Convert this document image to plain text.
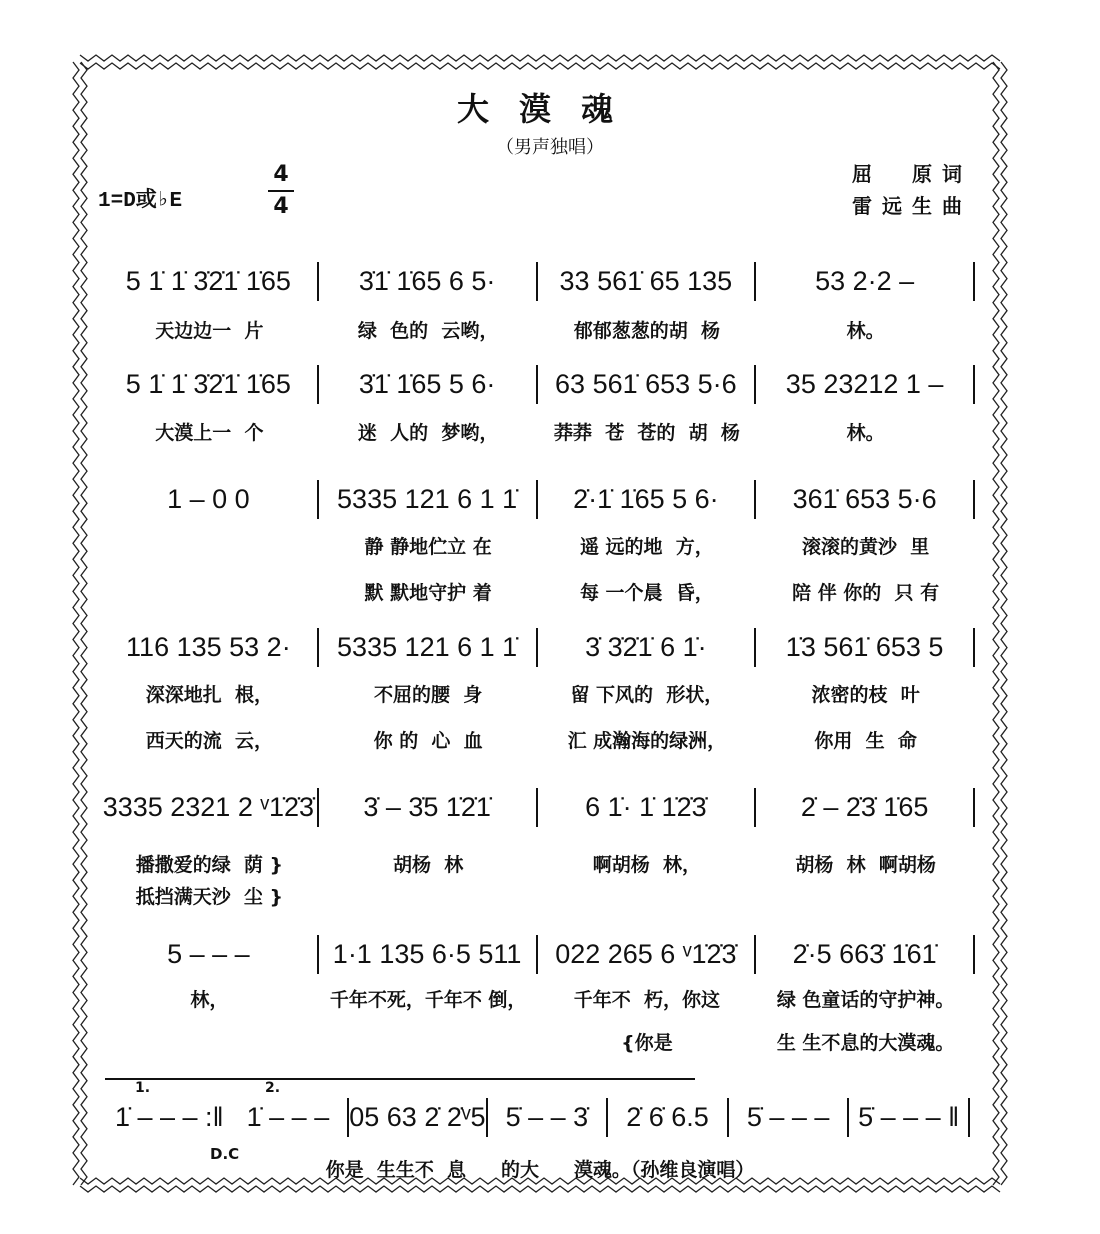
大漠魂
（男声独唱）
1=D或♭E
4
4
屈　原词
雷远生曲
5 1̇ 1̇ 3̇2̇1̇ 1̇65	3̇1̇ 1̇65 6 5·	33 561̇ 65 135	53 2·2 –
天边边一  片	绿  色的  云哟，	郁郁葱葱的胡  杨	林。
5 1̇ 1̇ 3̇2̇1̇ 1̇65	3̇1̇ 1̇65 5 6·	63 561̇ 653 5·6	35 23212 1 –
大漠上一  个	迷  人的  梦哟，	莽莽  苍  苍的  胡  杨	林。
1 – 0 0	5335 121 6 1 1̇	2̇·1̇ 1̇65 5 6·	361̇ 653 5·6
静 静地伫立 在	遥 远的地  方，	滚滚的黄沙  里
默 默地守护 着	每 一个晨  昏，	陪 伴 你的  只 有
116 135 53 2·	5335 121 6 1 1̇	3̇ 3̇2̇1̇ 6 1̇·	1̇3 561̇ 653 5
深深地扎  根，	不屈的腰  身	留 下风的  形状，	浓密的枝  叶
西天的流  云，	你 的  心  血	汇 成瀚海的绿洲，	你用  生  命
3335 2321 2 ᵛ1̇2̇3̇	3̇ – 3̇5 1̇2̇1̇	6 1̇· 1̇ 1̇2̇3̇	2̇ – 2̇3̇ 1̇65
播撒爱的绿  荫 }	胡杨  林	啊胡杨  林，	胡杨  林  啊胡杨
抵挡满天沙  尘 }
5 – – –	1·1 135 6·5 511	022 265 6 ᵛ1̇2̇3̇	2̇·5 663̇ 1̇61̇
林，	千年不死，千年不 倒，	千年不  朽，你这	绿 色童话的守护神。
{你是	生 生不息的大漠魂。
1̇ – – – :‖ 1̇ – – – 05 63 2̇ 2̇ᵛ5 5̇ – – 3̇	2̇ 6̇ 6.5	5̇ – – –	5̇ – – – ‖
你是  生生不  息	的大	漠魂。（孙维良演唱）
1.	2.
D.C
